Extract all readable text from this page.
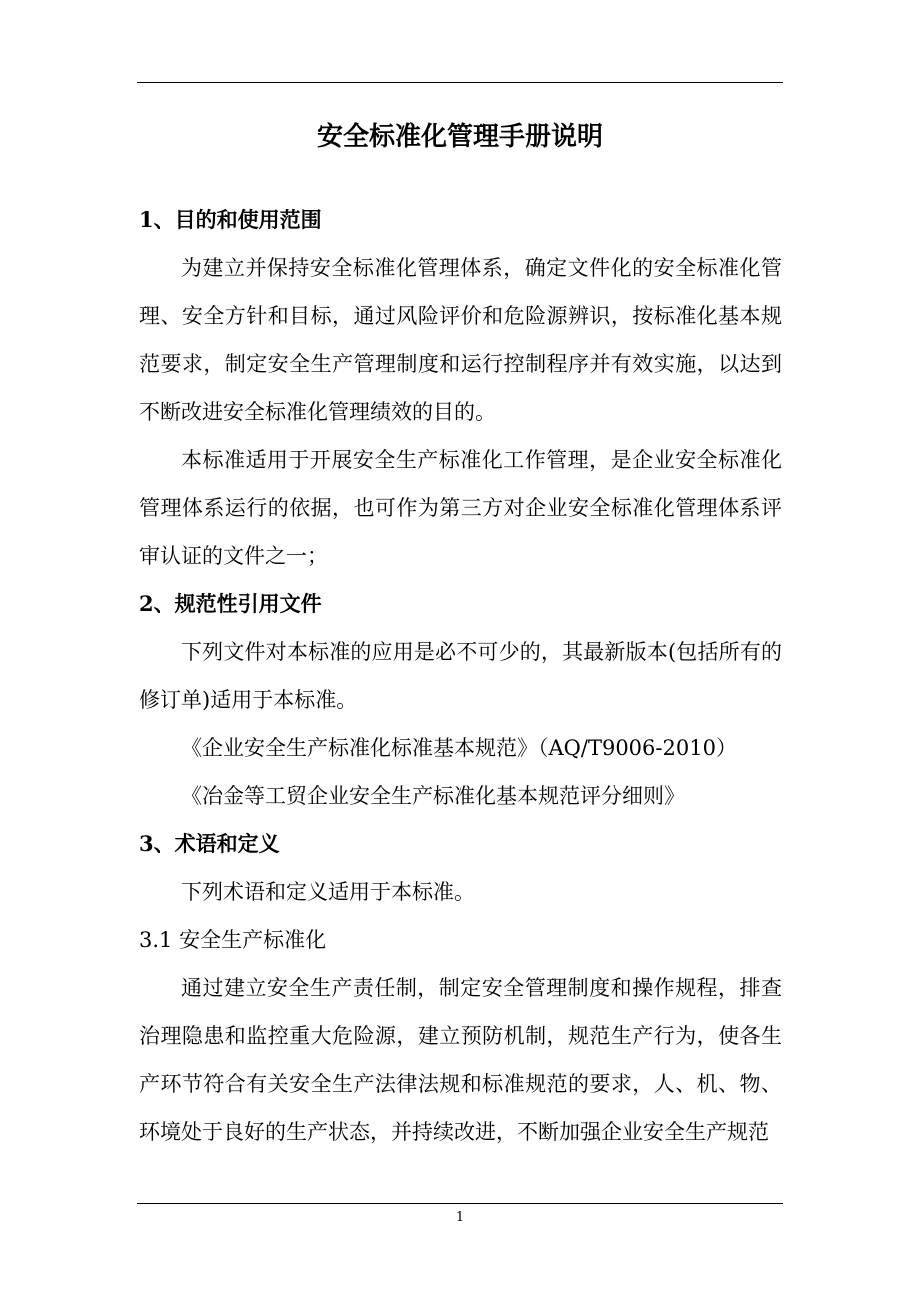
安全标准化管理手册说明

1、目的和使用范围

为建立并保持安全标准化管理体系，确定文件化的安全标准化管理、安全方针和目标，通过风险评价和危险源辨识，按标准化基本规范要求，制定安全生产管理制度和运行控制程序并有效实施，以达到不断改进安全标准化管理绩效的目的。

本标准适用于开展安全生产标准化工作管理，是企业安全标准化管理体系运行的依据，也可作为第三方对企业安全标准化管理体系评审认证的文件之一；

2、规范性引用文件

下列文件对本标准的应用是必不可少的，其最新版本(包括所有的修订单)适用于本标准。

《企业安全生产标准化标准基本规范》（AQ/T9006-2010）

《冶金等工贸企业安全生产标准化基本规范评分细则》

3、术语和定义

下列术语和定义适用于本标准。

3.1 安全生产标准化

通过建立安全生产责任制，制定安全管理制度和操作规程，排查治理隐患和监控重大危险源，建立预防机制，规范生产行为，使各生产环节符合有关安全生产法律法规和标准规范的要求，人、机、物、环境处于良好的生产状态，并持续改进，不断加强企业安全生产规范

1
